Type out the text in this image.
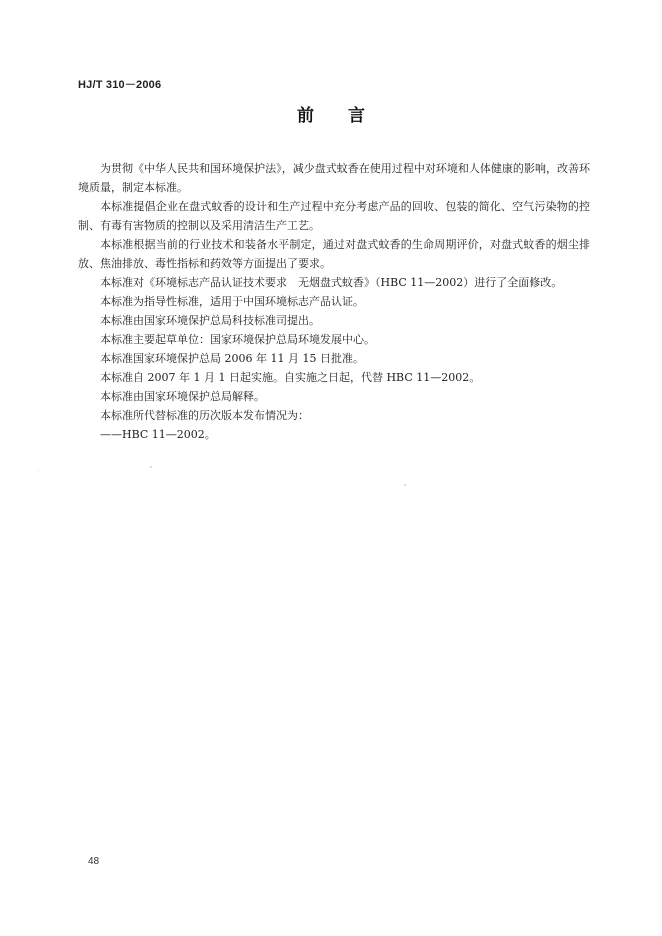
HJ/T 310－2006
前　　言

为贯彻《中华人民共和国环境保护法》，减少盘式蚊香在使用过程中对环境和人体健康的影响，改善环境质量，制定本标准。

本标准提倡企业在盘式蚊香的设计和生产过程中充分考虑产品的回收、包装的简化、空气污染物的控制、有毒有害物质的控制以及采用清洁生产工艺。

本标准根据当前的行业技术和装备水平制定，通过对盘式蚊香的生命周期评价，对盘式蚊香的烟尘排放、焦油排放、毒性指标和药效等方面提出了要求。

本标准对《环境标志产品认证技术要求　无烟盘式蚊香》（HBC 11—2002）进行了全面修改。

本标准为指导性标准，适用于中国环境标志产品认证。

本标准由国家环境保护总局科技标准司提出。

本标准主要起草单位：国家环境保护总局环境发展中心。

本标准国家环境保护总局 2006 年 11 月 15 日批准。

本标准自 2007 年 1 月 1 日起实施。自实施之日起，代替 HBC 11—2002。

本标准由国家环境保护总局解释。

本标准所代替标准的历次版本发布情况为：

——HBC 11—2002。

48
